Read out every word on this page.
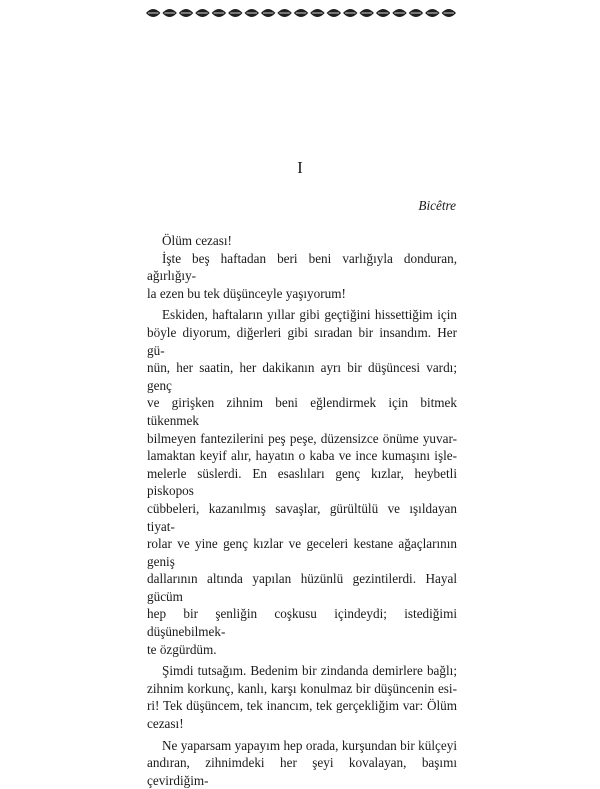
I
Bicêtre
Ölüm cezası!
İşte beş haftadan beri beni varlığıyla donduran, ağırlığıy-
la ezen bu tek düşünceyle yaşıyorum!
Eskiden, haftaların yıllar gibi geçtiğini hissettiğim için
böyle diyorum, diğerleri gibi sıradan bir insandım. Her gü-
nün, her saatin, her dakikanın ayrı bir düşüncesi vardı; genç
ve girişken zihnim beni eğlendirmek için bitmek tükenmek
bilmeyen fantezilerini peş peşe, düzensizce önüme yuvar-
lamaktan keyif alır, hayatın o kaba ve ince kumaşını işle-
melerle süslerdi. En esaslıları genç kızlar, heybetli piskopos
cübbeleri, kazanılmış savaşlar, gürültülü ve ışıldayan tiyat-
rolar ve yine genç kızlar ve geceleri kestane ağaçlarının geniş
dallarının altında yapılan hüzünlü gezintilerdi. Hayal gücüm
hep bir şenliğin coşkusu içindeydi; istediğimi düşünebilmek-
te özgürdüm.
Şimdi tutsağım. Bedenim bir zindanda demirlere bağlı;
zihnim korkunç, kanlı, karşı konulmaz bir düşüncenin esi-
ri! Tek düşüncem, tek inancım, tek gerçekliğim var: Ölüm
cezası!
Ne yaparsam yapayım hep orada, kurşundan bir külçeyi
andıran, zihnimdeki her şeyi kovalayan, başımı çevirdiğim-
